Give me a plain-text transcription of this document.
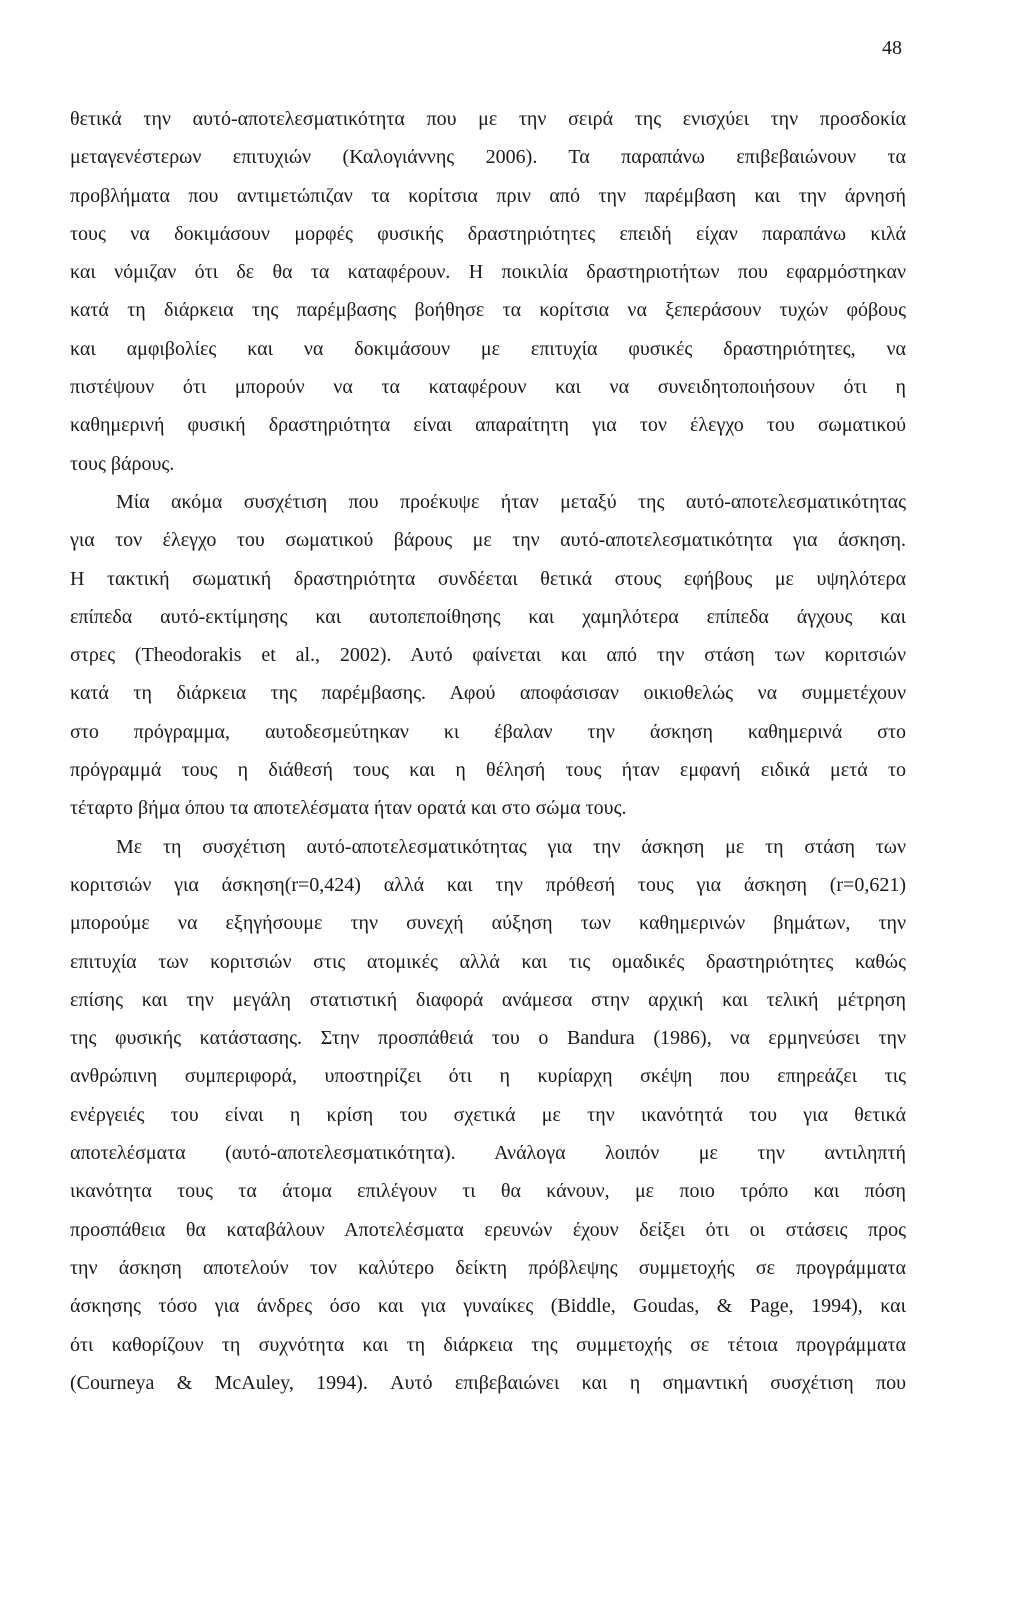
48
θετικά την αυτό-αποτελεσματικότητα που με την σειρά της ενισχύει την προσδοκία
μεταγενέστερων επιτυχιών (Καλογιάννης 2006). Τα παραπάνω επιβεβαιώνουν τα
προβλήματα που αντιμετώπιζαν τα κορίτσια πριν από την παρέμβαση και την άρνησή
τους να δοκιμάσουν μορφές φυσικής δραστηριότητες επειδή είχαν παραπάνω κιλά
και νόμιζαν ότι δε θα τα καταφέρουν. Η ποικιλία δραστηριοτήτων που εφαρμόστηκαν
κατά τη διάρκεια της παρέμβασης βοήθησε τα κορίτσια να ξεπεράσουν τυχών φόβους
και αμφιβολίες και να δοκιμάσουν με επιτυχία φυσικές δραστηριότητες, να
πιστέψουν ότι μπορούν να τα καταφέρουν και να συνειδητοποιήσουν ότι η
καθημερινή φυσική δραστηριότητα είναι απαραίτητη για τον έλεγχο του σωματικού
τους βάρους.
Μία ακόμα συσχέτιση που προέκυψε ήταν μεταξύ της αυτό-αποτελεσματικότητας
για τον έλεγχο του σωματικού βάρους με την αυτό-αποτελεσματικότητα για άσκηση.
Η τακτική σωματική δραστηριότητα συνδέεται θετικά στους εφήβους με υψηλότερα
επίπεδα αυτό-εκτίμησης και αυτοπεποίθησης και χαμηλότερα επίπεδα άγχους και
στρες (Theodorakis et al., 2002). Αυτό φαίνεται και από την στάση των κοριτσιών
κατά τη διάρκεια της παρέμβασης. Αφού αποφάσισαν οικιοθελώς να συμμετέχουν
στο πρόγραμμα, αυτοδεσμεύτηκαν κι έβαλαν την άσκηση καθημερινά στο
πρόγραμμά τους η διάθεσή τους και η θέλησή τους ήταν εμφανή ειδικά μετά το
τέταρτο βήμα όπου τα αποτελέσματα ήταν ορατά και στο σώμα τους.
Με τη συσχέτιση αυτό-αποτελεσματικότητας για την άσκηση με τη στάση των
κοριτσιών για άσκηση(r=0,424) αλλά και την πρόθεσή τους για άσκηση (r=0,621)
μπορούμε να εξηγήσουμε την συνεχή αύξηση των καθημερινών βημάτων, την
επιτυχία των κοριτσιών στις ατομικές αλλά και τις ομαδικές δραστηριότητες καθώς
επίσης και την μεγάλη στατιστική διαφορά ανάμεσα στην αρχική και τελική μέτρηση
της φυσικής κατάστασης. Στην προσπάθειά του ο Bandura (1986), να ερμηνεύσει την
ανθρώπινη συμπεριφορά, υποστηρίζει ότι η κυρίαρχη σκέψη που επηρεάζει τις
ενέργειές του είναι η κρίση του σχετικά με την ικανότητά του για θετικά
αποτελέσματα (αυτό-αποτελεσματικότητα). Ανάλογα λοιπόν με την αντιληπτή
ικανότητα τους τα άτομα επιλέγουν τι θα κάνουν, με ποιο τρόπο και πόση
προσπάθεια θα καταβάλουν Αποτελέσματα ερευνών έχουν δείξει ότι οι στάσεις προς
την άσκηση αποτελούν τον καλύτερο δείκτη πρόβλεψης συμμετοχής σε προγράμματα
άσκησης τόσο για άνδρες όσο και για γυναίκες (Biddle, Goudas, & Page, 1994), και
ότι καθορίζουν τη συχνότητα και τη διάρκεια της συμμετοχής σε τέτοια προγράμματα
(Courneya & McAuley, 1994). Αυτό επιβεβαιώνει και η σημαντική συσχέτιση που
